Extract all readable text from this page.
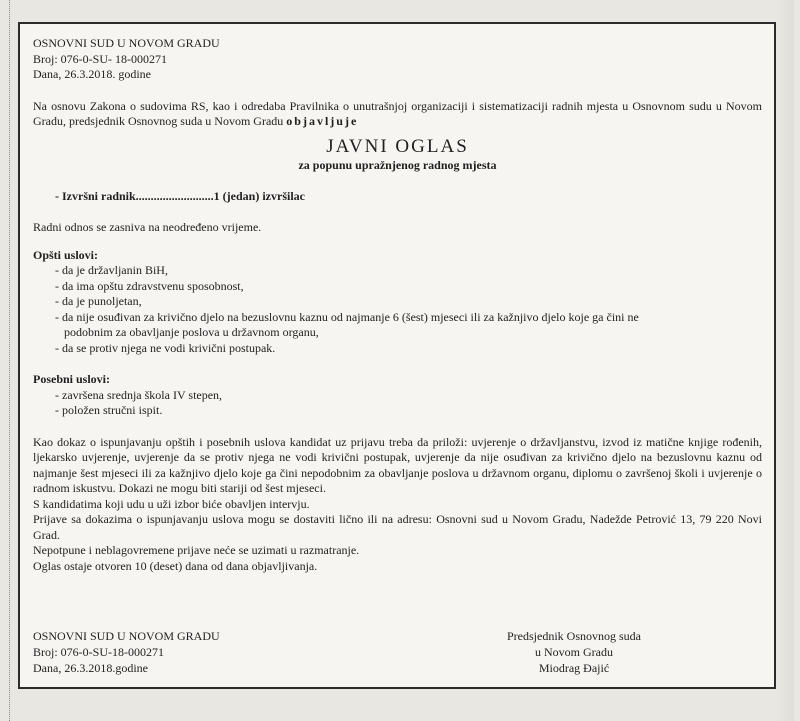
OSNOVNI SUD U NOVOM GRADU
Broj: 076-0-SU- 18-000271
Dana, 26.3.2018. godine

Na osnovu Zakona o sudovima RS, kao i odredaba Pravilnika o unutrašnjoj organizaciji i sistematizaciji radnih mjesta u Osnovnom sudu u Novom Gradu, predsjednik Osnovnog suda u Novom Gradu objavljuje

JAVNI OGLAS
za popunu upražnjenog radnog mjesta
- Izvršni radnik..........................1 (jedan) izvršilac
Radni odnos se zasniva na neodređeno vrijeme.
Opšti uslovi:
- da je državljanin BiH,
- da ima opštu zdravstvenu sposobnost,
- da je punoljetan,
- da nije osuđivan za krivično djelo na bezuslovnu kaznu od najmanje 6 (šest) mjeseci ili za kažnjivo djelo koje ga čini ne
podobnim za obavljanje poslova u državnom organu,
- da se protiv njega ne vodi krivični postupak.
Posebni uslovi:
- završena srednja škola IV stepen,
- položen stručni ispit.

Kao dokaz o ispunjavanju opštih i posebnih uslova kandidat uz prijavu treba da priloži: uvjerenje o državljanstvu, izvod iz matične knjige rođenih, ljekarsko uvjerenje, uvjerenje da se protiv njega ne vodi krivični postupak, uvjerenje da nije osuđivan za krivično djelo na bezuslovnu kaznu od najmanje šest mjeseci ili za kažnjivo djelo koje ga čini nepodobnim za obavljanje poslova u državnom organu, diplomu o završenoj školi i uvjerenje o radnom iskustvu. Dokazi ne mogu biti stariji od šest mjeseci.

S kandidatima koji udu u uži izbor biće obavljen intervju.

Prijave sa dokazima o ispunjavanju uslova mogu se dostaviti lično ili na adresu: Osnovni sud u Novom Gradu, Nadežde Petrović 13, 79 220 Novi Grad.

Nepotpune i neblagovremene prijave neće se uzimati u razmatranje.

Oglas ostaje otvoren 10 (deset) dana od dana objavljivanja.

OSNOVNI SUD U NOVOM GRADU
Broj: 076-0-SU-18-000271
Dana, 26.3.2018.godine
Predsjednik Osnovnog suda
u Novom Gradu
Miodrag Đajić
